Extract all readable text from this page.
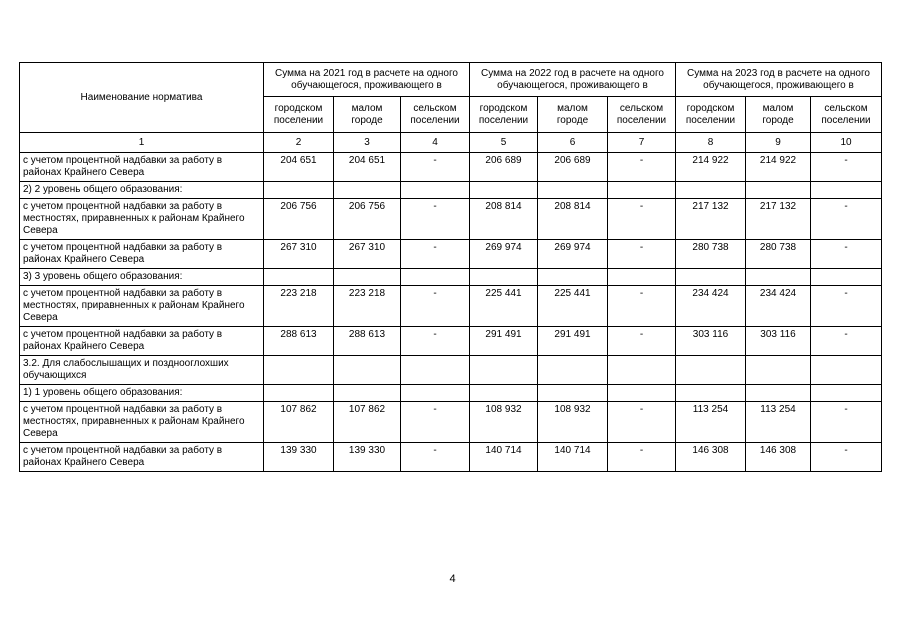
Наименование норматива	Сумма на 2021 год в расчете на одного обучающегося, проживающего в			Сумма на 2022 год в расчете на одного обучающегося, проживающего в			Сумма на 2023 год в расчете на одного обучающегося, проживающего в		
	городском поселении	малом городе	сельском поселении	городском поселении	малом городе	сельском поселении	городском поселении	малом городе	сельском поселении
1	2	3	4	5	6	7	8	9	10
с учетом процентной надбавки за работу в районах Крайнего Севера	204 651	204 651	-	206 689	206 689	-	214 922	214 922	-
2) 2 уровень общего образования:									
с учетом процентной надбавки за работу в местностях, приравненных к районам Крайнего Севера	206 756	206 756	-	208 814	208 814	-	217 132	217 132	-
с учетом процентной надбавки за работу в районах Крайнего Севера	267 310	267 310	-	269 974	269 974	-	280 738	280 738	-
3) 3 уровень общего образования:									
с учетом процентной надбавки за работу в местностях, приравненных к районам Крайнего Севера	223 218	223 218	-	225 441	225 441	-	234 424	234 424	-
с учетом процентной надбавки за работу в районах Крайнего Севера	288 613	288 613	-	291 491	291 491	-	303 116	303 116	-
3.2. Для слабослышащих и позднооглохших обучающихся									
1) 1 уровень общего образования:									
с учетом процентной надбавки за работу в местностях, приравненных к районам Крайнего Севера	107 862	107 862	-	108 932	108 932	-	113 254	113 254	-
с учетом процентной надбавки за работу в районах Крайнего Севера	139 330	139 330	-	140 714	140 714	-	146 308	146 308	-
4
